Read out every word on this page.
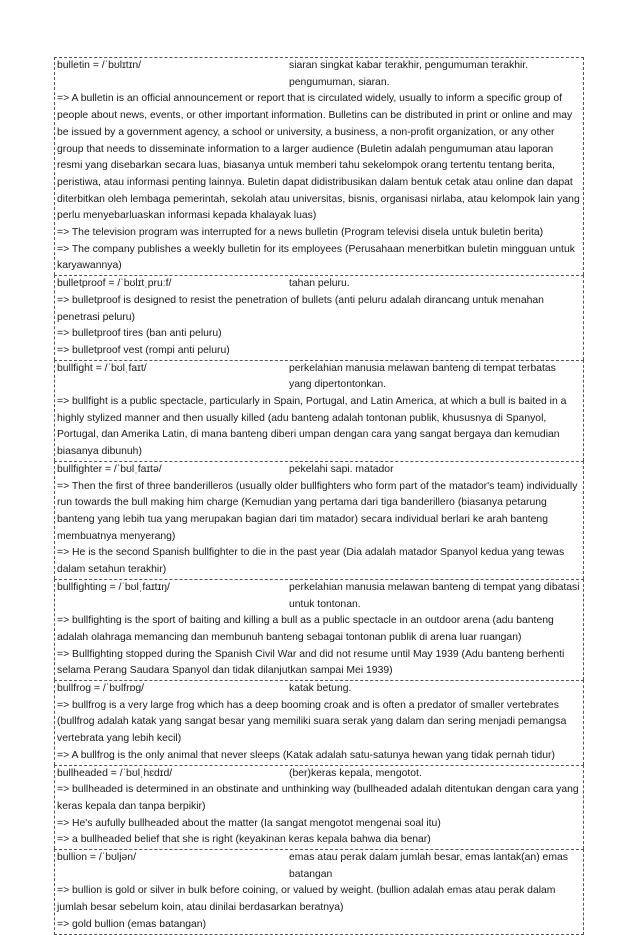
bulletin = /ˈbʊlɪtɪn/	siaran singkat kabar terakhir, pengumuman terakhir. pengumuman, siaran.

=> A bulletin is an official announcement or report that is circulated widely, usually to inform a specific group of people about news, events, or other important information. Bulletins can be distributed in print or online and may be issued by a government agency, a school or university, a business, a non-profit organization, or any other group that needs to disseminate information to a larger audience (Buletin adalah pengumuman atau laporan resmi yang disebarkan secara luas, biasanya untuk memberi tahu sekelompok orang tertentu tentang berita, peristiwa, atau informasi penting lainnya. Buletin dapat didistribusikan dalam bentuk cetak atau online dan dapat diterbitkan oleh lembaga pemerintah, sekolah atau universitas, bisnis, organisasi nirlaba, atau kelompok lain yang perlu menyebarluaskan informasi kepada khalayak luas)

=> The television program was interrupted for a news bulletin (Program televisi disela untuk buletin berita)

=> The company publishes a weekly bulletin for its employees (Perusahaan menerbitkan buletin mingguan untuk karyawannya)

bulletproof = /ˈbʊlɪtˌpruːf/	tahan peluru.

=> bulletproof is designed to resist the penetration of bullets (anti peluru adalah dirancang untuk menahan penetrasi peluru)

=> bulletproof tires (ban anti peluru)

=> bulletproof vest (rompi anti peluru)

bullfight = /ˈbʊlˌfaɪt/	perkelahian manusia melawan banteng di tempat terbatas yang dipertontonkan.

=> bullfight is a public spectacle, particularly in Spain, Portugal, and Latin America, at which a bull is baited in a highly stylized manner and then usually killed (adu banteng adalah tontonan publik, khususnya di Spanyol, Portugal, dan Amerika Latin, di mana banteng diberi umpan dengan cara yang sangat bergaya dan kemudian biasanya dibunuh)

bullfighter = /ˈbʊlˌfaɪtə/	pekelahi sapi. matador

=> Then the first of three banderilleros (usually older bullfighters who form part of the matador's team) individually run towards the bull making him charge (Kemudian yang pertama dari tiga banderillero (biasanya petarung banteng yang lebih tua yang merupakan bagian dari tim matador) secara individual berlari ke arah banteng membuatnya menyerang)

=> He is the second Spanish bullfighter to die in the past year (Dia adalah matador Spanyol kedua yang tewas dalam setahun terakhir)

bullfighting = /ˈbʊlˌfaɪtɪŋ/	perkelahian manusia melawan banteng di tempat yang dibatasi untuk tontonan.

=> bullfighting is the sport of baiting and killing a bull as a public spectacle in an outdoor arena (adu banteng adalah olahraga memancing dan membunuh banteng sebagai tontonan publik di arena luar ruangan)

=> Bullfighting stopped during the Spanish Civil War and did not resume until May 1939 (Adu banteng berhenti selama Perang Saudara Spanyol dan tidak dilanjutkan sampai Mei 1939)

bullfrog = /ˈbʊlfrɒg/	katak betung.

=> bullfrog is a very large frog which has a deep booming croak and is often a predator of smaller vertebrates (bullfrog adalah katak yang sangat besar yang memiliki suara serak yang dalam dan sering menjadi pemangsa vertebrata yang lebih kecil)

=> A bullfrog is the only animal that never sleeps (Katak adalah satu-satunya hewan yang tidak pernah tidur)

bullheaded = /ˈbʊlˌhɛdɪd/	(ber)keras kepala, mengotot.

=> bullheaded is determined in an obstinate and unthinking way (bullheaded adalah ditentukan dengan cara yang keras kepala dan tanpa berpikir)

=> He's aufully bullheaded about the matter (Ia sangat mengotot mengenai soal itu)

=> a bullheaded belief that she is right (keyakinan keras kepala bahwa dia benar)

bullion = /ˈbʊljən/	emas atau perak dalam jumlah besar, emas lantak(an) emas batangan

=> bullion is gold or silver in bulk before coining, or valued by weight. (bullion adalah emas atau perak dalam jumlah besar sebelum koin, atau dinilai berdasarkan beratnya)

=> gold bullion (emas batangan)
